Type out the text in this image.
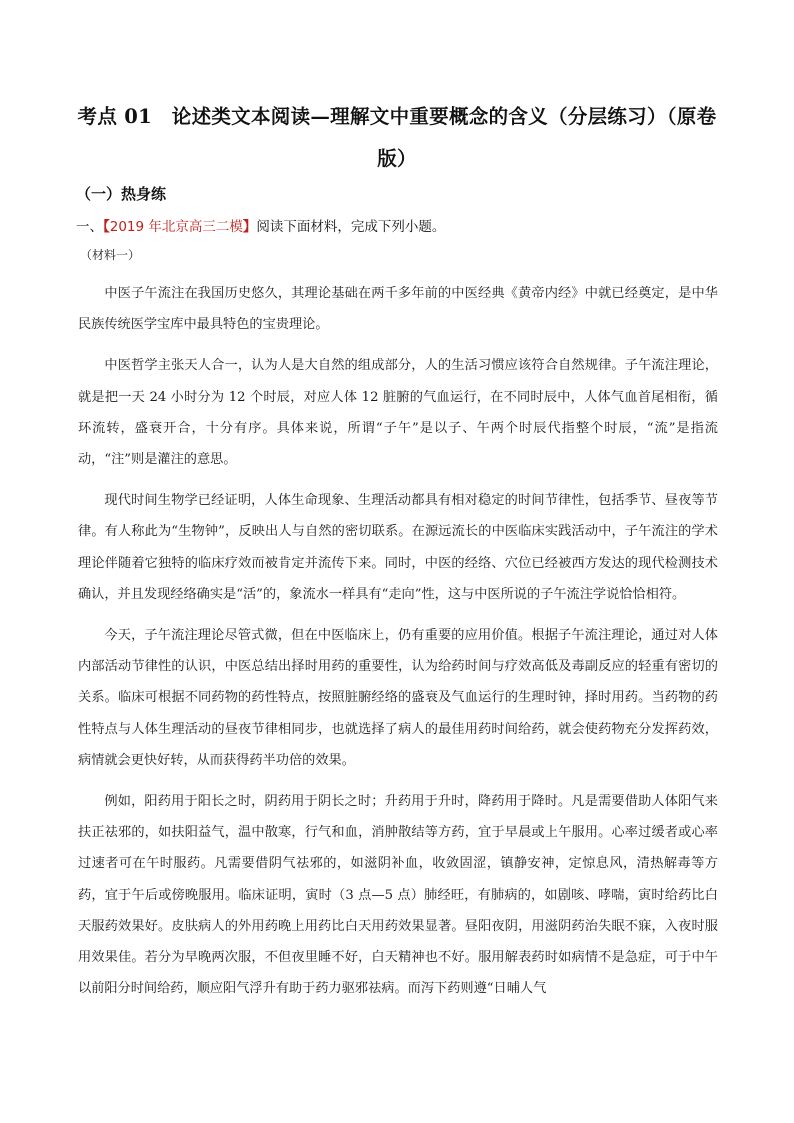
考点 01　论述类文本阅读—理解文中重要概念的含义（分层练习）（原卷版）
（一）热身练
一、【2019 年北京高三二模】阅读下面材料，完成下列小题。
（材料一）

中医子午流注在我国历史悠久，其理论基础在两千多年前的中医经典《黄帝内经》中就已经奠定，是中华民族传统医学宝库中最具特色的宝贵理论。

中医哲学主张天人合一，认为人是大自然的组成部分，人的生活习惯应该符合自然规律。子午流注理论，就是把一天 24 小时分为 12 个时辰，对应人体 12 脏腑的气血运行，在不同时辰中，人体气血首尾相衔，循环流转，盛衰开合，十分有序。具体来说，所谓“子午”是以子、午两个时辰代指整个时辰，“流”是指流动，“注”则是灌注的意思。

现代时间生物学已经证明，人体生命现象、生理活动都具有相对稳定的时间节律性，包括季节、昼夜等节律。有人称此为“生物钟”，反映出人与自然的密切联系。在源远流长的中医临床实践活动中，子午流注的学术理论伴随着它独特的临床疗效而被肯定并流传下来。同时，中医的经络、穴位已经被西方发达的现代检测技术确认，并且发现经络确实是“活”的，象流水一样具有“走向”性，这与中医所说的子午流注学说恰恰相符。

今天，子午流注理论尽管式微，但在中医临床上，仍有重要的应用价值。根据子午流注理论，通过对人体内部活动节律性的认识，中医总结出择时用药的重要性，认为给药时间与疗效高低及毒副反应的轻重有密切的关系。临床可根据不同药物的药性特点，按照脏腑经络的盛衰及气血运行的生理时钟，择时用药。当药物的药性特点与人体生理活动的昼夜节律相同步，也就选择了病人的最佳用药时间给药，就会使药物充分发挥药效，病情就会更快好转，从而获得药半功倍的效果。

例如，阳药用于阳长之时，阴药用于阴长之时；升药用于升时，降药用于降时。凡是需要借助人体阳气来扶正祛邪的，如扶阳益气，温中散寒，行气和血，消肿散结等方药，宜于早晨或上午服用。心率过缓者或心率过速者可在午时服药。凡需要借阴气祛邪的，如滋阴补血，收敛固涩，镇静安神，定惊息风，清热解毒等方药，宜于午后或傍晚服用。临床证明，寅时（3 点—5 点）肺经旺，有肺病的，如剧咳、哮喘，寅时给药比白天服药效果好。皮肤病人的外用药晚上用药比白天用药效果显著。昼阳夜阴，用滋阴药治失眠不寐，入夜时服用效果佳。若分为早晚两次服，不但夜里睡不好，白天精神也不好。服用解表药时如病情不是急症，可于中午以前阳分时间给药，顺应阳气浮升有助于药力驱邪祛病。而泻下药则遵“日晡人气
